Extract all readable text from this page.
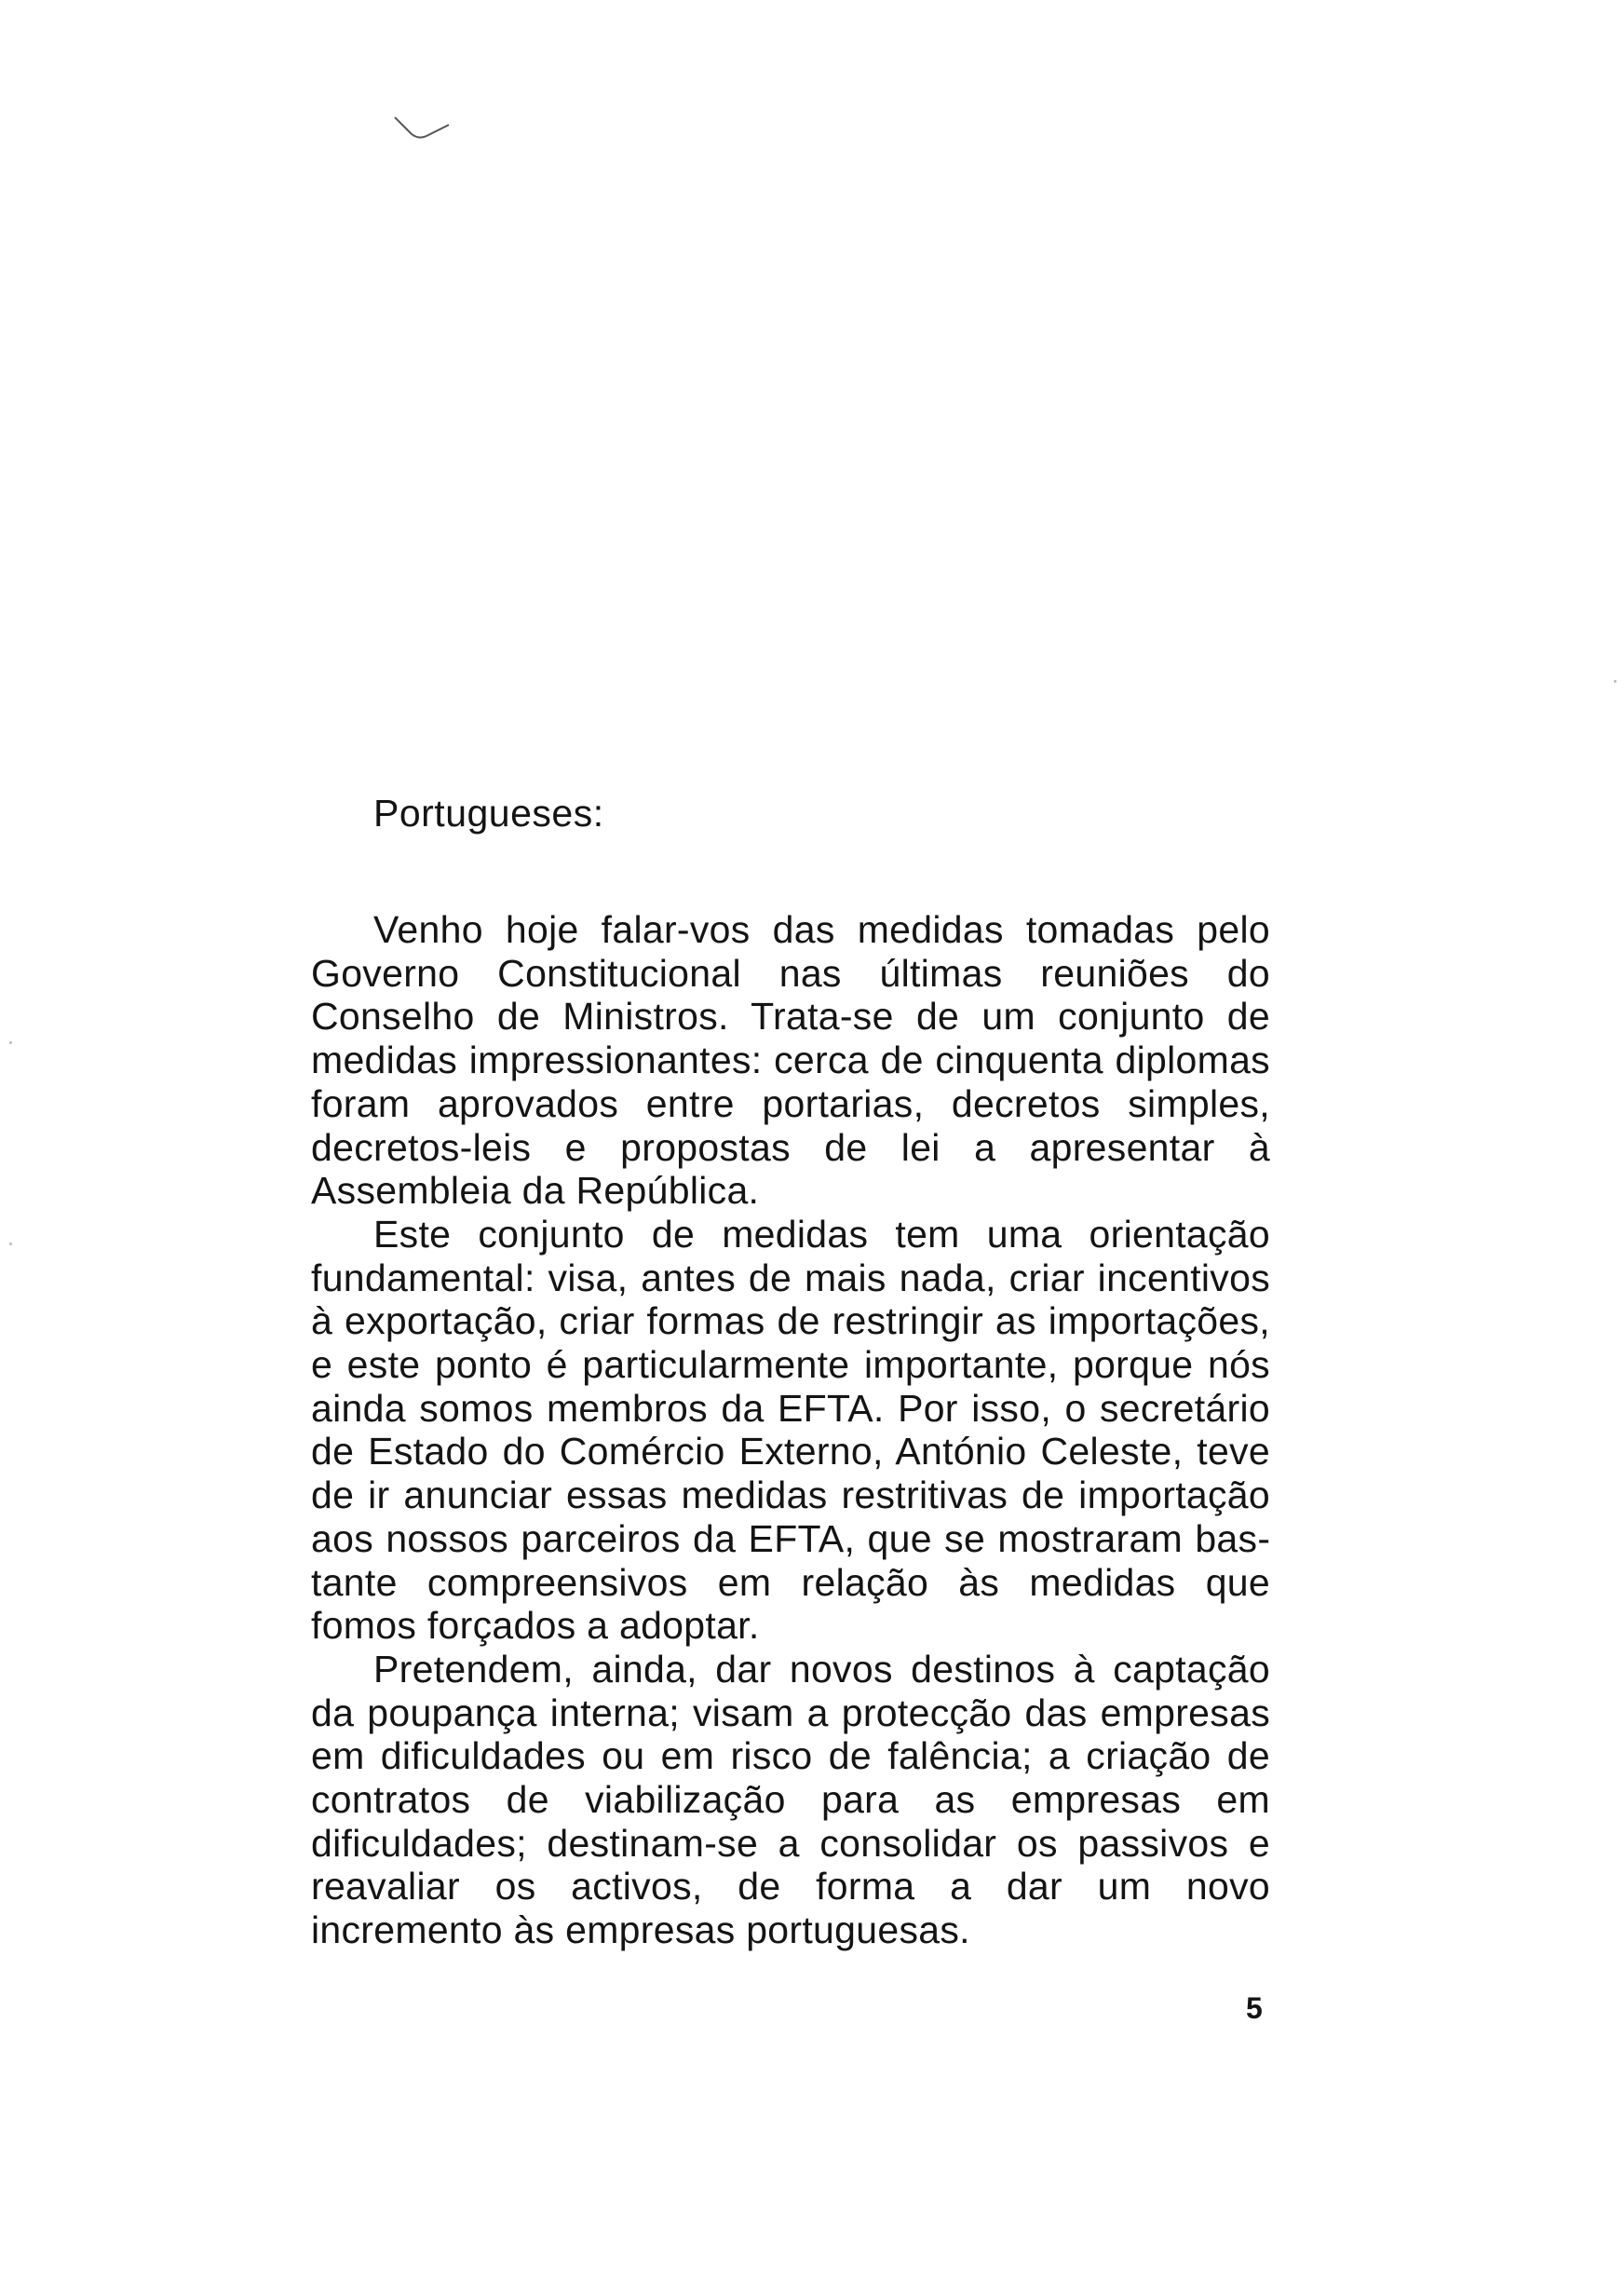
Portugueses:

Venho hoje falar-vos das medidas tomadas pelo Governo Constitucional nas últimas reuniões do Conselho de Ministros. Trata-se de um conjunto de medidas impressionantes: cerca de cinquenta diplomas foram aprovados entre portarias, decretos simples, decretos-leis e propostas de lei a apresentar à Assembleia da República.

Este conjunto de medidas tem uma orientação fundamental: visa, antes de mais nada, criar incentivos à exportação, criar formas de restringir as importações, e este ponto é particularmente importante, porque nós ainda somos membros da EFTA. Por isso, o secretário de Estado do Comércio Externo, António Celeste, teve de ir anunciar essas medidas restritivas de importação aos nossos parceiros da EFTA, que se mostraram bastante compreensivos em relação às medidas que fomos forçados a adoptar.

Pretendem, ainda, dar novos destinos à captação da poupança interna; visam a protecção das empresas em dificuldades ou em risco de falência; a criação de contratos de viabilização para as empresas em dificuldades; destinam-se a consolidar os passivos e reavaliar os activos, de forma a dar um novo incremento às empresas portuguesas.

5
